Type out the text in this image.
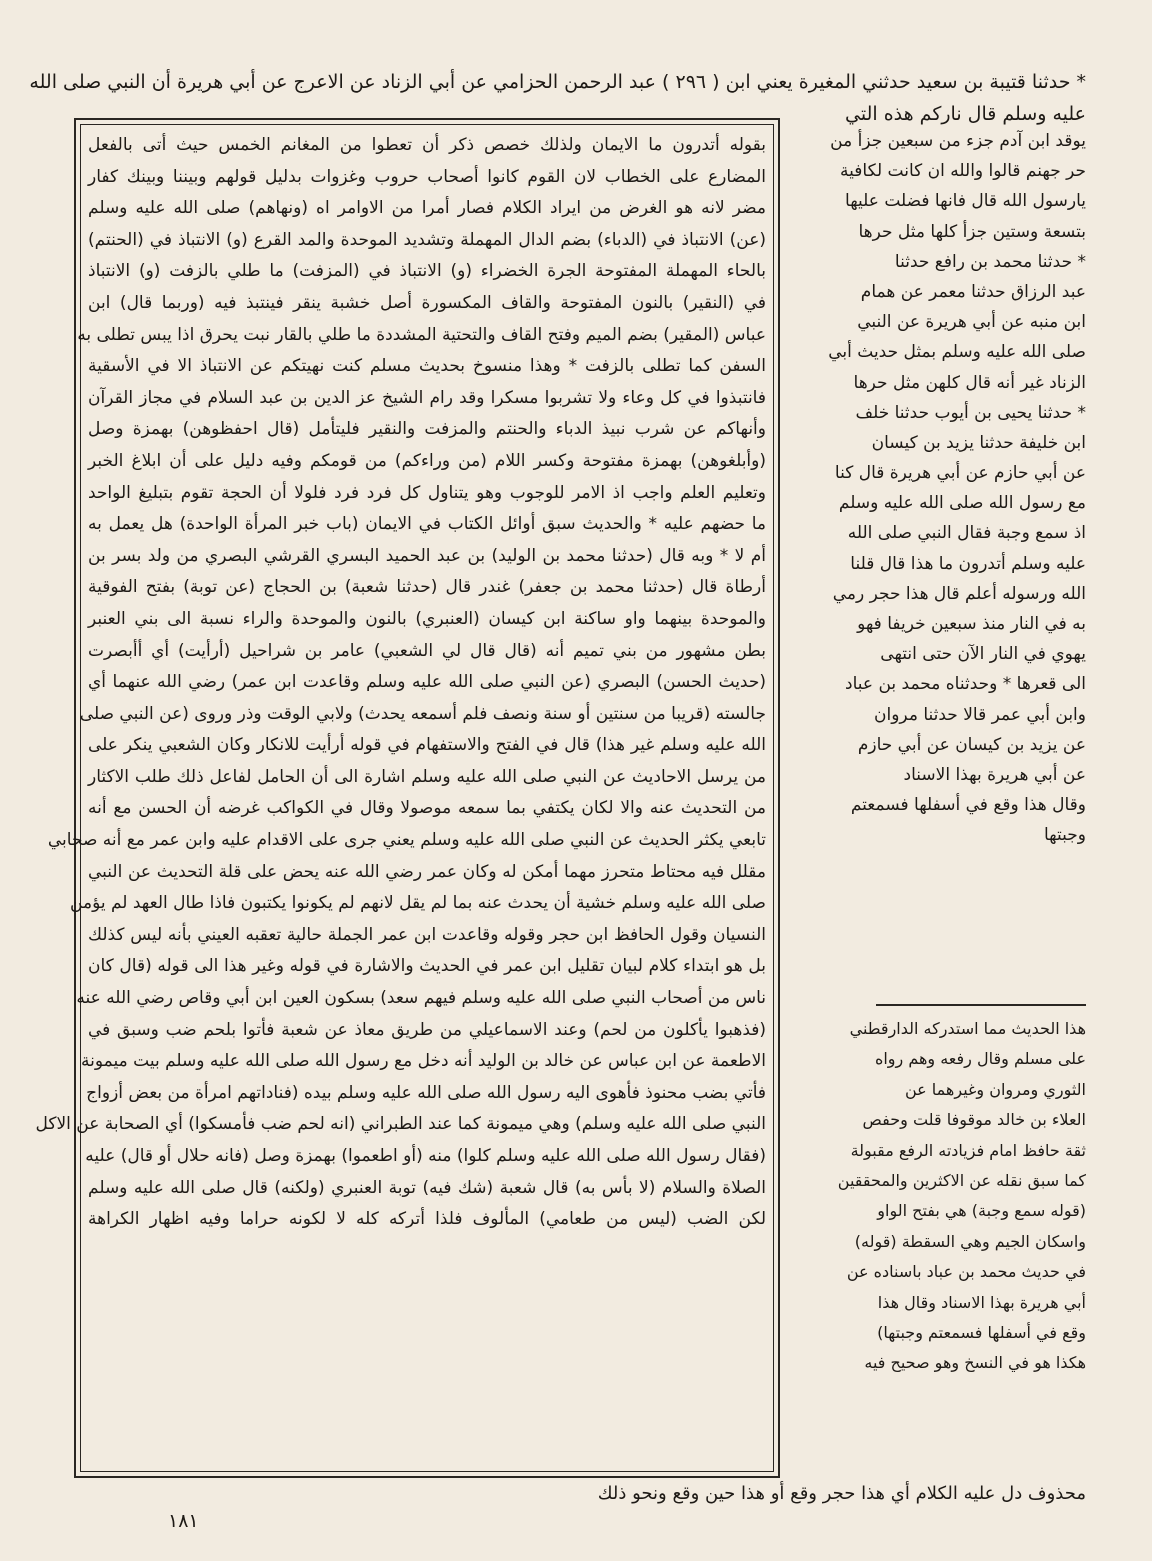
* حدثنا قتيبة بن سعيد حدثني المغيرة يعني ابن ( ٢٩٦ ) عبد الرحمن الحزامي عن أبي الزناد عن الاعرج عن أبي هريرة أن النبي صلى الله
عليه وسلم قال ناركم هذه التي
بقوله أتدرون ما الايمان ولذلك خصص ذكر أن تعطوا من المغانم الخمس حيث أتى بالفعل
المضارع على الخطاب لان القوم كانوا أصحاب حروب وغزوات بدليل قولهم وبيننا وبينك كفار
مضر لانه هو الغرض من ايراد الكلام فصار أمرا من الاوامر اه (ونهاهم) صلى الله عليه وسلم
(عن) الانتباذ في (الدباء) بضم الدال المهملة وتشديد الموحدة والمد القرع (و) الانتباذ في (الحنتم)
بالحاء المهملة المفتوحة الجرة الخضراء (و) الانتباذ في (المزفت) ما طلي بالزفت (و) الانتباذ
في (النقير) بالنون المفتوحة والقاف المكسورة أصل خشبة ينقر فينتبذ فيه (وربما قال) ابن
عباس (المقير) بضم الميم وفتح القاف والتحتية المشددة ما طلي بالقار نبت يحرق اذا يبس تطلى به
السفن كما تطلى بالزفت * وهذا منسوخ بحديث مسلم كنت نهيتكم عن الانتباذ الا في الأسقية
فانتبذوا في كل وعاء ولا تشربوا مسكرا وقد رام الشيخ عز الدين بن عبد السلام في مجاز القرآن
وأنهاكم عن شرب نبيذ الدباء والحنتم والمزفت والنقير فليتأمل (قال احفظوهن) بهمزة وصل
(وأبلغوهن) بهمزة مفتوحة وكسر اللام (من وراءكم) من قومكم وفيه دليل على أن ابلاغ الخبر
وتعليم العلم واجب اذ الامر للوجوب وهو يتناول كل فرد فرد فلولا أن الحجة تقوم بتبليغ الواحد
ما حضهم عليه * والحديث سبق أوائل الكتاب في الايمان (باب خبر المرأة الواحدة) هل يعمل به
أم لا * وبه قال (حدثنا محمد بن الوليد) بن عبد الحميد البسري القرشي البصري من ولد بسر بن
أرطاة قال (حدثنا محمد بن جعفر) غندر قال (حدثنا شعبة) بن الحجاج (عن توبة) بفتح الفوقية
والموحدة بينهما واو ساكنة ابن كيسان (العنبري) بالنون والموحدة والراء نسبة الى بني العنبر
بطن مشهور من بني تميم أنه (قال قال لي الشعبي) عامر بن شراحيل (أرأيت) أي أأبصرت
(حديث الحسن) البصري (عن النبي صلى الله عليه وسلم وقاعدت ابن عمر) رضي الله عنهما أي
جالسته (قريبا من سنتين أو سنة ونصف فلم أسمعه يحدث) ولابي الوقت وذر وروى (عن النبي صلى
الله عليه وسلم غير هذا) قال في الفتح والاستفهام في قوله أرأيت للانكار وكان الشعبي ينكر على
من يرسل الاحاديث عن النبي صلى الله عليه وسلم اشارة الى أن الحامل لفاعل ذلك طلب الاكثار
من التحديث عنه والا لكان يكتفي بما سمعه موصولا وقال في الكواكب غرضه أن الحسن مع أنه
تابعي يكثر الحديث عن النبي صلى الله عليه وسلم يعني جرى على الاقدام عليه وابن عمر مع أنه صحابي
مقلل فيه محتاط متحرز مهما أمكن له وكان عمر رضي الله عنه يحض على قلة التحديث عن النبي
صلى الله عليه وسلم خشية أن يحدث عنه بما لم يقل لانهم لم يكونوا يكتبون فاذا طال العهد لم يؤمن
النسيان وقول الحافظ ابن حجر وقوله وقاعدت ابن عمر الجملة حالية تعقبه العيني بأنه ليس كذلك
بل هو ابتداء كلام لبيان تقليل ابن عمر في الحديث والاشارة في قوله وغير هذا الى قوله (قال كان
ناس من أصحاب النبي صلى الله عليه وسلم فيهم سعد) بسكون العين ابن أبي وقاص رضي الله عنه
(فذهبوا يأكلون من لحم) وعند الاسماعيلي من طريق معاذ عن شعبة فأتوا بلحم ضب وسبق في
الاطعمة عن ابن عباس عن خالد بن الوليد أنه دخل مع رسول الله صلى الله عليه وسلم بيت ميمونة
فأتي بضب محنوذ فأهوى اليه رسول الله صلى الله عليه وسلم بيده (فناداتهم امرأة من بعض أزواج
النبي صلى الله عليه وسلم) وهي ميمونة كما عند الطبراني (انه لحم ضب فأمسكوا) أي الصحابة عن الاكل
(فقال رسول الله صلى الله عليه وسلم كلوا) منه (أو اطعموا) بهمزة وصل (فانه حلال أو قال) عليه
الصلاة والسلام (لا بأس به) قال شعبة (شك فيه) توبة العنبري (ولكنه) قال صلى الله عليه وسلم
لكن الضب (ليس من طعامي) المألوف فلذا أتركه كله لا لكونه حراما وفيه اظهار الكراهة
يوقد ابن آدم جزء من سبعين جزأ من
حر جهنم قالوا والله ان كانت لكافية
يارسول الله قال فانها فضلت عليها
بتسعة وستين جزأ كلها مثل حرها
* حدثنا محمد بن رافع حدثنا
عبد الرزاق حدثنا معمر عن همام
ابن منبه عن أبي هريرة عن النبي
صلى الله عليه وسلم بمثل حديث أبي
الزناد غير أنه قال كلهن مثل حرها
* حدثنا يحيى بن أيوب حدثنا خلف
ابن خليفة حدثنا يزيد بن كيسان
عن أبي حازم عن أبي هريرة قال كنا
مع رسول الله صلى الله عليه وسلم
اذ سمع وجبة فقال النبي صلى الله
عليه وسلم أتدرون ما هذا قال قلنا
الله ورسوله أعلم قال هذا حجر رمي
به في النار منذ سبعين خريفا فهو
يهوي في النار الآن حتى انتهى
الى قعرها * وحدثناه محمد بن عباد
وابن أبي عمر قالا حدثنا مروان
عن يزيد بن كيسان عن أبي حازم
عن أبي هريرة بهذا الاسناد
وقال هذا وقع في أسفلها فسمعتم
وجبتها
هذا الحديث مما استدركه الدارقطني
على مسلم وقال رفعه وهم رواه
الثوري ومروان وغيرهما عن
العلاء بن خالد موقوفا قلت وحفص
ثقة حافظ امام فزيادته الرفع مقبولة
كما سبق نقله عن الاكثرين والمحققين
(قوله سمع وجبة) هي بفتح الواو
واسكان الجيم وهي السقطة (قوله)
في حديث محمد بن عباد باسناده عن
أبي هريرة بهذا الاسناد وقال هذا
وقع في أسفلها فسمعتم وجبتها)
هكذا هو في النسخ وهو صحيح فيه
محذوف دل عليه الكلام أي هذا حجر وقع أو هذا حين وقع ونحو ذلك
١٨١
